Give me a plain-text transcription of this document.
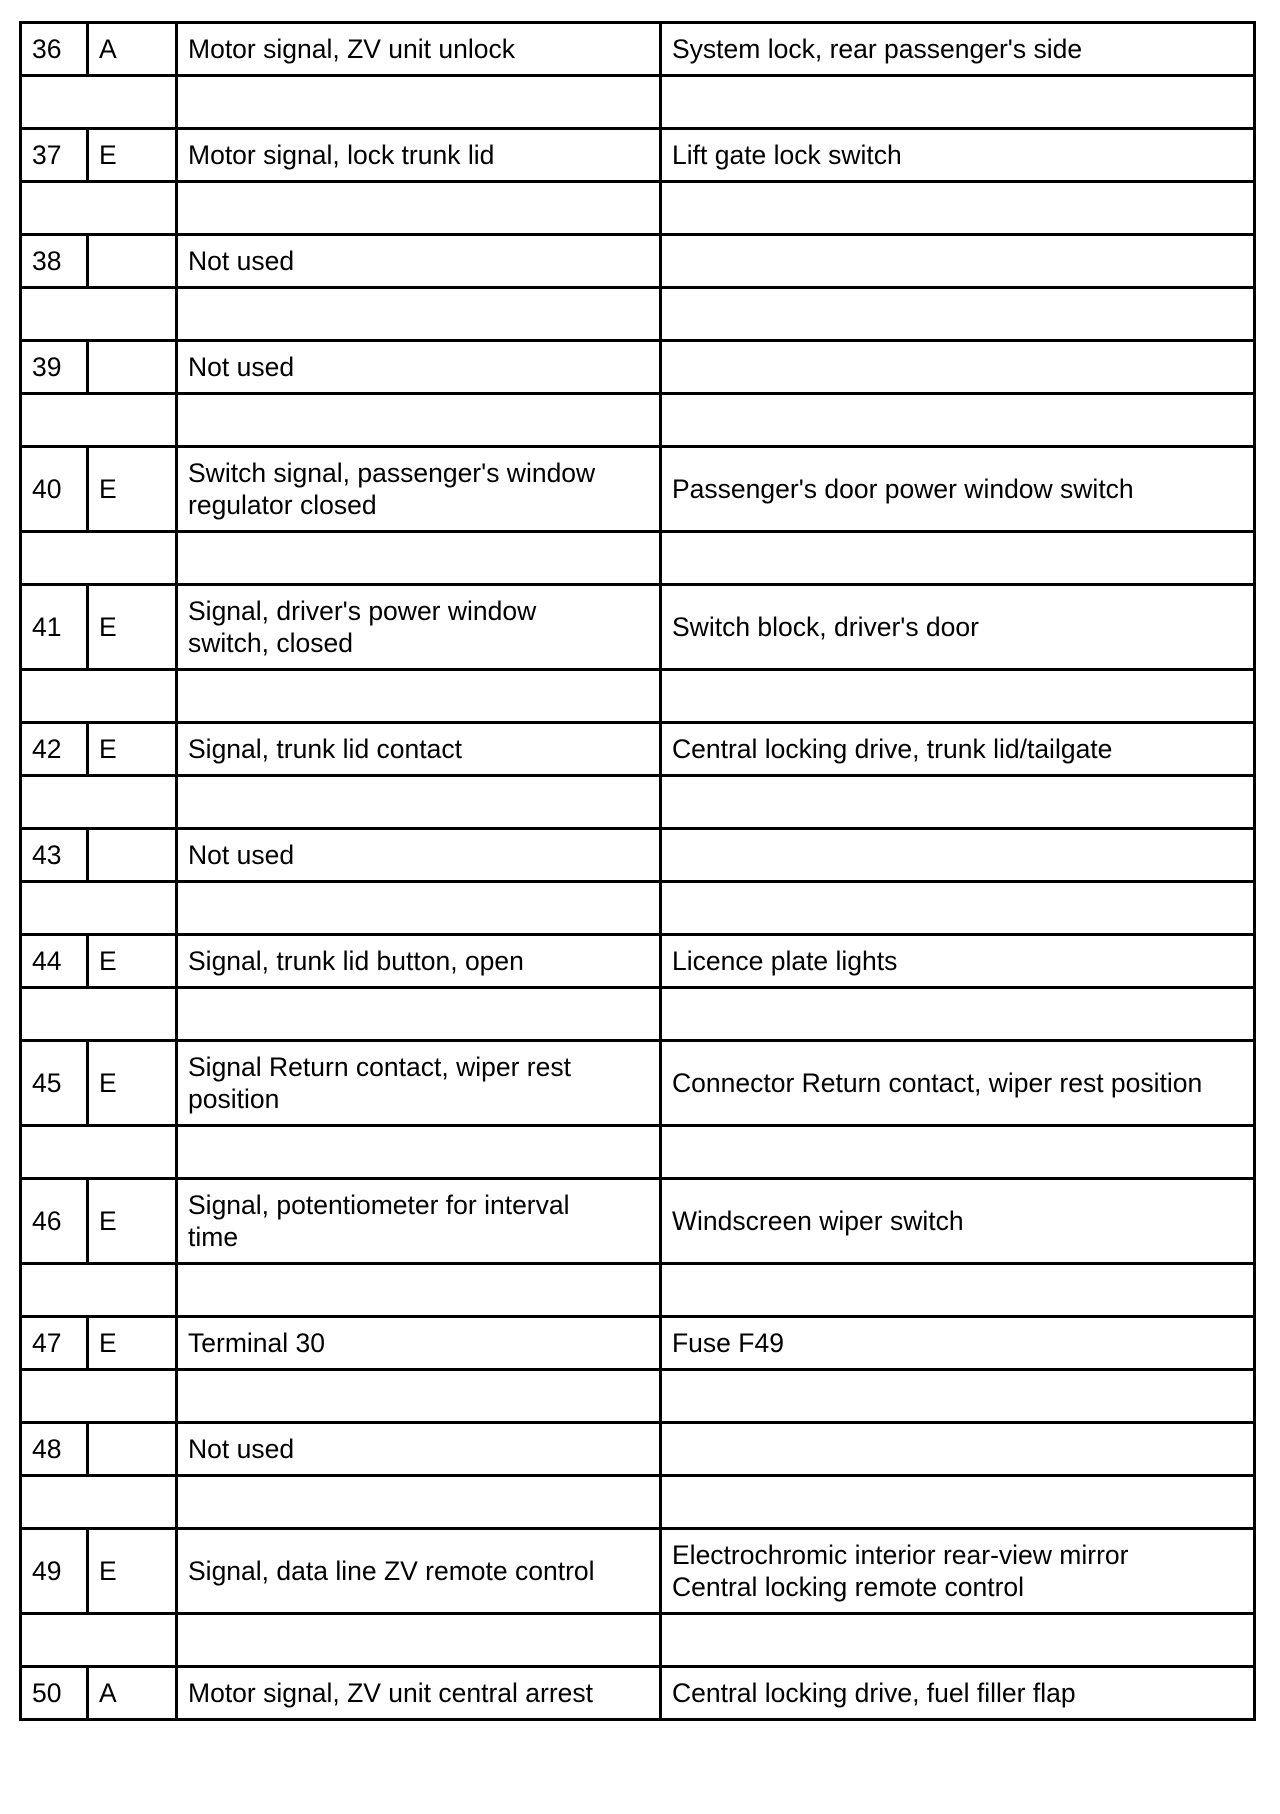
36	A	Motor signal, ZV unit unlock	System lock, rear passenger's side

37	E	Motor signal, lock trunk lid	Lift gate lock switch

38		Not used	

39		Not used	

40	E	Switch signal, passenger's window
regulator closed	Passenger's door power window switch

41	E	Signal, driver's power window
switch, closed	Switch block, driver's door

42	E	Signal, trunk lid contact	Central locking drive, trunk lid/tailgate

43		Not used	

44	E	Signal, trunk lid button, open	Licence plate lights

45	E	Signal Return contact, wiper rest
position	Connector Return contact, wiper rest position

46	E	Signal, potentiometer for interval
time	Windscreen wiper switch

47	E	Terminal 30	Fuse F49

48		Not used	

49	E	Signal, data line ZV remote control	Electrochromic interior rear-view mirror
Central locking remote control

50	A	Motor signal, ZV unit central arrest	Central locking drive, fuel filler flap
